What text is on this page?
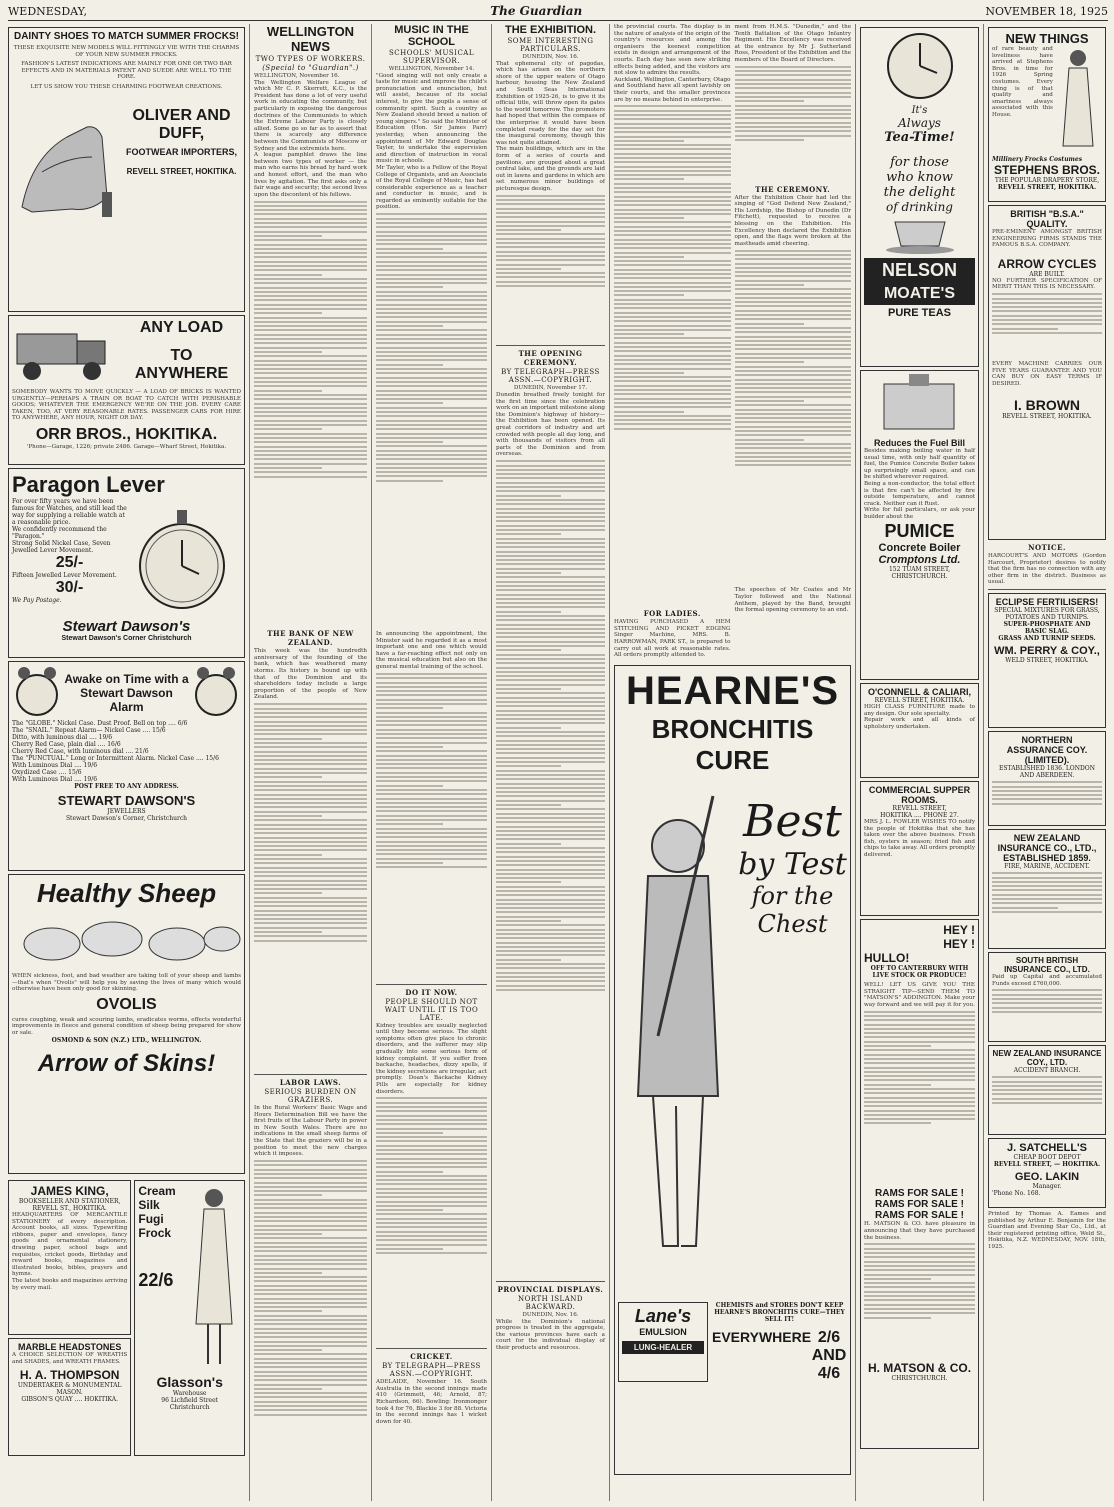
WEDNESDAY,	The Guardian	NOVEMBER 18, 1925
DAINTY SHOES TO MATCH SUMMER FROCKS!
THESE EXQUISITE NEW MODELS WILL FITTINGLY VIE WITH THE CHARMS OF YOUR NEW SUMMER FROCKS.
FASHION'S LATEST INDICATIONS ARE MAINLY FOR ONE OR TWO BAR EFFECTS AND IN MATERIALS PATENT AND SUEDE ARE WELL TO THE FORE.
LET US SHOW YOU THESE CHARMING FOOTWEAR CREATIONS.
OLIVER AND DUFF,
FOOTWEAR IMPORTERS,
REVELL STREET, HOKITIKA.
ANY LOAD
TO ANYWHERE
SOMEBODY WANTS TO MOVE QUICKLY — A LOAD OF BRICKS IS WANTED URGENTLY—PERHAPS A TRAIN OR BOAT TO CATCH WITH PERISHABLE GOODS; WHATEVER THE EMERGENCY WE'RE ON THE JOB. EVERY CARE TAKEN, TOO, AT VERY REASONABLE RATES. PASSENGER CARS FOR HIRE TO ANYWHERE, ANY HOUR, NIGHT OR DAY.
ORR BROS., HOKITIKA.
'Phone—Garage, 1226; private 2486. Garage—Wharf Street, Hokitika.
Paragon Lever
For over fifty years we have been famous for Watches, and still lead the way for supplying a reliable watch at a reasonable price.
We confidently recommend the "Paragon."
Strong Solid Nickel Case, Seven Jewelled Lever Movement.
25/-
Fifteen Jewelled Lever Movement.
30/-
We Pay Postage.
Stewart Dawson's
Stewart Dawson's Corner Christchurch
Awake on Time with a Stewart Dawson Alarm
The "GLOBE." Nickel Case. Dust Proof. Bell on top .... 6/6
The "SNAIL." Repeat Alarm— Nickel Case .... 15/6
Ditto, with luminous dial .... 19/6
Cherry Red Case, plain dial .... 16/6
Cherry Red Case, with luminous dial .... 21/6
The "PUNCTUAL." Long or Intermittent Alarm. Nickel Case .... 15/6
With Luminous Dial .... 19/6
Oxydized Case .... 15/6
With Luminous Dial .... 19/6
POST FREE TO ANY ADDRESS.
STEWART DAWSON'S
JEWELLERS
Stewart Dawson's Corner, Christchurch
Healthy Sheep
WHEN sickness, foot, and bad weather are taking toll of your sheep and lambs—that's when "Ovolis" will help you by saving the lives of many which would otherwise have been only good for skinning.
OVOLIS
cures coughing, weak and scouring lambs, eradicates worms, effects wonderful improvements in fleece and general condition of sheep being prepared for show or sale.
OSMOND & SON (N.Z.) LTD., WELLINGTON.
Arrow of Skins!
JAMES KING,
BOOKSELLER AND STATIONER,
REVELL ST., HOKITIKA.
HEADQUARTERS OF MERCANTILE STATIONERY of every description. Account books, all sizes. Typewriting ribbons, paper and envelopes, fancy goods and ornamental stationery, drawing paper, school bags and requisites, cricket goods, Birthday and reward books, magazines and illustrated books, bibles, prayers and hymns.
The latest books and magazines arriving by every mail.
MARBLE HEADSTONES
A CHOICE SELECTION OF WREATHS and SHADES, and WREATH FRAMES.
H. A. THOMPSON
UNDERTAKER & MONUMENTAL MASON.
GIBSON'S QUAY .... HOKITIKA.
Cream
Silk
Fugi
Frock
22/6
Glasson's
Warehouse
96 Lichfield Street
Christchurch
WELLINGTON NEWS
TWO TYPES OF WORKERS.
(Special to "Guardian".)
WELLINGTON, November 16.
The Wellington Welfare League of which Mr C. P. Skerrett, K.C., is the President has done a lot of very useful work in educating the community, but particularly in exposing the dangerous doctrines of the Communists to which the Extreme Labour Party is closely allied. Some go so far as to assert that there is scarcely any difference between the Communists of Moscow or Sydney and the extremists here.
A league pamphlet draws the line between two types of worker — the man who earns his bread by hard work and honest effort, and the man who lives by agitation. The first asks only a fair wage and security; the second lives upon the discontent of his fellows.
THE BANK OF NEW ZEALAND.
This week was the hundredth anniversary of the founding of the bank, which has weathered many storms. Its history is bound up with that of the Dominion and its shareholders today include a large proportion of the people of New Zealand.
LABOR LAWS.
SERIOUS BURDEN ON GRAZIERS.
In the Rural Workers' Basic Wage and Hours Determination Bill we have the first fruits of the Labour Party in power in New South Wales. There are no indications in the small sheep farms of the State that the graziers will be in a position to meet the new charges which it imposes.
MUSIC IN THE SCHOOL
SCHOOLS' MUSICAL SUPERVISOR.
WELLINGTON, November 14.
"Good singing will not only create a taste for music and improve the child's pronunciation and enunciation, but will assist, because of its social interest, to give the pupils a sense of community spirit. Such a country as New Zealand should breed a nation of young singers." So said the Minister of Education (Hon. Sir James Parr) yesterday, when announcing the appointment of Mr Edward Douglas Tayler, to undertake the supervision and direction of instruction in vocal music in schools.
Mr Tayler, who is a Fellow of the Royal College of Organists, and an Associate of the Royal College of Music, has had considerable experience as a teacher and conductor in music, and is regarded as eminently suitable for the position.
In announcing the appointment, the Minister said he regarded it as a most important one and one which would have a far-reaching effect not only on the musical education but also on the general mental training of the school.
DO IT NOW.
PEOPLE SHOULD NOT WAIT UNTIL IT IS TOO LATE.
Kidney troubles are usually neglected until they become serious. The slight symptoms often give place to chronic disorders, and the sufferer may slip gradually into some serious form of kidney complaint. If you suffer from backache, headaches, dizzy spells, if the kidney secretions are irregular, act promptly. Doan's Backache Kidney Pills are especially for kidney disorders.
CRICKET.
BY TELEGRAPH—PRESS ASSN.—COPYRIGHT.
ADELAIDE, November 16. South Australia in the second innings made 410 (Grimmett, 46; Arnold, 87; Richardson, 66). Bowling: Ironmonger took 4 for 76, Blackie 3 for 88. Victoria in the second innings has 1 wicket down for 40.
THE EXHIBITION.
SOME INTERESTING PARTICULARS.
DUNEDIN, Nov. 16.
That ephemeral city of pagodas, which has arisen on the northern shore of the upper waters of Otago harbour, housing the New Zealand and South Seas International Exhibition of 1925-26, is to give it its official title, will throw open its gates to the world tomorrow. The promoters had hoped that within the compass of the enterprise it would have been completed ready for the day set for the inaugural ceremony, though this was not quite attained.
The main buildings, which are in the form of a series of courts and pavilions, are grouped about a great central lake, and the grounds are laid out in lawns and gardens in which are set numerous minor buildings of picturesque design.
THE OPENING CEREMONY.
BY TELEGRAPH—PRESS ASSN.—COPYRIGHT.
DUNEDIN, November 17.
Dunedin breathed freely tonight for the first time since the celebration work on an important milestone along the Dominion's highway of history—the Exhibition has been opened. Its great corridors of industry and art crowded with people all day long, and with thousands of visitors from all parts of the Dominion and from overseas.
PROVINCIAL DISPLAYS.
NORTH ISLAND BACKWARD.
DUNEDIN, Nov. 16.
While the Dominion's national progress is treated in the aggregate, the various provinces have each a court for the individual display of their products and resources.
the provincial courts. The display is in the nature of analysis of the origin of the country's resources and among the organisers the keenest competition exists in design and arrangement of the courts. Each day has seen new striking effects being added, and the visitors are not slow to admire the results.
Auckland, Wellington, Canterbury, Otago and Southland have all spent lavishly on their courts, and the smaller provinces are by no means behind in enterprise.
FOR LADIES.
HAVING PURCHASED A HEM STITCHING AND PICKET EDGING Singer Machine, MRS. B. HARROWMAN, PARK ST., is prepared to carry out all work at reasonable rates. All orders promptly attended to.
ment from H.M.S. "Dunedin," and the Tenth Battalion of the Otago Infantry Regiment. His Excellency was received at the entrance by Mr J. Sutherland Ross, President of the Exhibition and the members of the Board of Directors.
THE CEREMONY.
After the Exhibition Choir had led the singing of "God Defend New Zealand," His Lordship, the Bishop of Dunedin (Dr Fitchett), requested to receive a blessing on the Exhibition. His Excellency then declared the Exhibition open, and the flags were broken at the mastheads amid cheering.
The speeches of Mr Coates and Mr Taylor followed and the National Anthem, played by the Band, brought the formal opening ceremony to an end.
HEARNE'S
BRONCHITIS CURE
Best
by Test
for the Chest
Lane's
EMULSION
LUNG-HEALER
CHEMISTS and STORES DON'T KEEP HEARNE'S BRONCHITIS CURE—THEY SELL IT!
EVERYWHERE 2/6 AND 4/6
It's
Always
Tea-Time!
for those
who know
the delight
of drinking
NELSON
MOATE'S
PURE TEAS
Reduces the Fuel Bill
Besides making boiling water in half usual time, with only half quantity of fuel, the Pumice Concrete Boiler takes up surprisingly small space, and can be shifted wherever required.
Being a non-conductor, the total effect is that fire can't be affected by fire outside temperature, and cannot crack. Neither can it Rust.
Write for full particulars, or ask your builder about the
PUMICE
Concrete Boiler
Cromptons Ltd.
152 TUAM STREET, CHRISTCHURCH.
O'CONNELL & CALIARI,
REVELL STREET, HOKITIKA.
HIGH CLASS FURNITURE made to any design. Our sole specialty.
Repair work and all kinds of upholstery undertaken.
COMMERCIAL SUPPER ROOMS.
REVELL STREET,
HOKITIKA .... PHONE 27.
MRS J. L. FOWLER WISHES TO notify the people of Hokitika that she has taken over the above business. Fresh fish, oysters in season; fried fish and chips to take away. All orders promptly delivered.
HEY !
HEY !
HULLO!
OFF TO CANTERBURY WITH LIVE STOCK OR PRODUCE!
WELL! LET US GIVE YOU THE STRAIGHT TIP—SEND THEM TO "MATSON'S" ADDINGTON. Make your way forward and we will pay it for you.
RAMS FOR SALE !
RAMS FOR SALE !
RAMS FOR SALE !
H. MATSON & CO. have pleasure in announcing that they have purchased the business.
H. MATSON & CO.
CHRISTCHURCH.
NEW THINGS
of rare beauty and loveliness have arrived at Stephens Bros. in time for 1926 Spring costumes. Every thing is of that quality and smartness always associated with this House.
Millinery Frocks Costumes
STEPHENS BROS.
THE POPULAR DRAPERY STORE,
REVELL STREET, HOKITIKA.
BRITISH "B.S.A." QUALITY.
PRE-EMINENT AMONGST BRITISH ENGINEERING FIRMS STANDS THE FAMOUS B.S.A. COMPANY.
ARROW CYCLES
ARE BUILT.
NO FURTHER SPECIFICATION OF MERIT THAN THIS IS NECESSARY.
EVERY MACHINE CARRIES OUR FIVE YEARS GUARANTEE AND YOU CAN BUY ON EASY TERMS IF DESIRED.
I. BROWN
REVELL STREET, HOKITIKA.
NOTICE.
HARCOURT'S AND MOTORS (Gordon Harcourt, Proprietor) desires to notify that the firm has no connection with any other firm in the district. Business as usual.
ECLIPSE FERTILISERS!
SPECIAL MIXTURES FOR GRASS, POTATOES AND TURNIPS.
SUPER-PHOSPHATE AND BASIC SLAG.
GRASS AND TURNIP SEEDS.
WM. PERRY & COY.,
WELD STREET, HOKITIKA.
NORTHERN ASSURANCE COY. (LIMITED).
ESTABLISHED 1836. LONDON AND ABERDEEN.
NEW ZEALAND INSURANCE CO., LTD., ESTABLISHED 1859.
FIRE, MARINE, ACCIDENT.
SOUTH BRITISH INSURANCE CO., LTD.
Paid up Capital and accumulated Funds exceed £760,000.
NEW ZEALAND INSURANCE COY., LTD.
ACCIDENT BRANCH.
J. SATCHELL'S
CHEAP BOOT DEPOT
REVELL STREET, — HOKITIKA.
GEO. LAKIN
Manager.
'Phone No. 168.
Printed by Thomas A. Eames and published by Arthur E. Benjamin for the Guardian and Evening Star Co., Ltd., at their registered printing office, Weld St., Hokitika, N.Z. WEDNESDAY, NOV. 18th, 1925.
